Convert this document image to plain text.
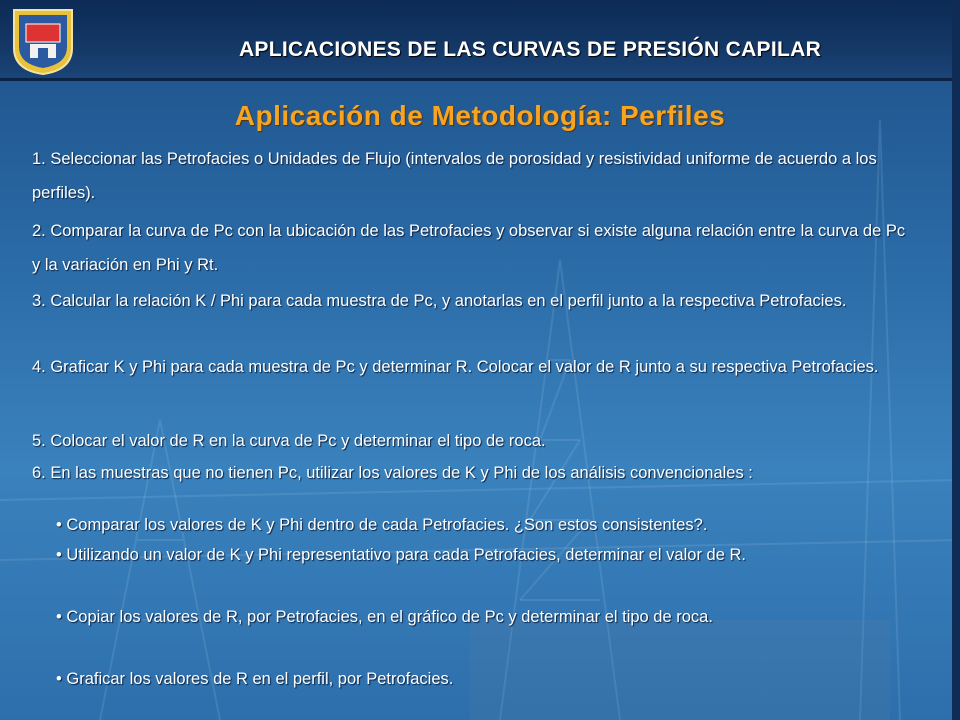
APLICACIONES DE LAS CURVAS DE PRESIÓN CAPILAR
Aplicación de Metodología: Perfiles
1. Seleccionar las Petrofacies o Unidades de Flujo (intervalos de porosidad y resistividad uniforme de acuerdo a los perfiles).
2. Comparar la curva de Pc con la ubicación de las Petrofacies y observar si existe alguna relación entre la curva de Pc y la variación en Phi y Rt.
3. Calcular la relación K / Phi para cada muestra de Pc, y anotarlas en el perfil junto a la respectiva Petrofacies.
4. Graficar K y Phi para cada muestra de Pc y determinar R. Colocar el valor de R junto a su respectiva Petrofacies.
5. Colocar el valor de R en la curva de Pc y determinar el tipo de roca.
6. En las muestras que no tienen Pc, utilizar los valores de K y Phi de los análisis convencionales :
• Comparar los valores de K y Phi dentro de cada Petrofacies. ¿Son estos consistentes?.
• Utilizando un valor de K y Phi representativo para cada Petrofacies, determinar el valor de R.
• Copiar los valores de R, por Petrofacies, en el gráfico de Pc y determinar el tipo de roca.
• Graficar los valores de R en el perfil, por Petrofacies.
